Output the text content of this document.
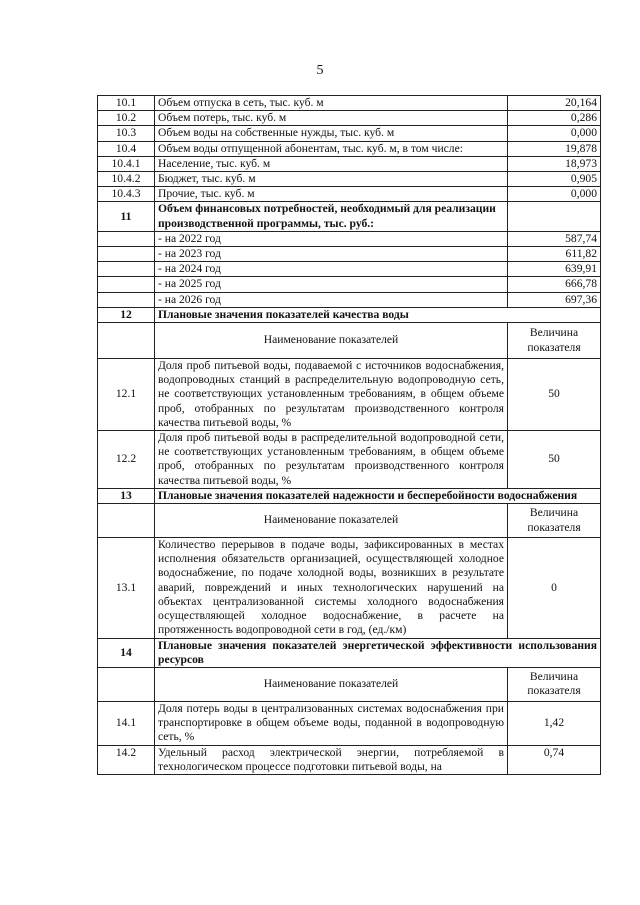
5
10.1	Объем отпуска в сеть, тыс. куб. м	20,164
10.2	Объем потерь, тыс. куб. м	0,286
10.3	Объем воды на собственные нужды, тыс. куб. м	0,000
10.4	Объем воды отпущенной абонентам, тыс. куб. м, в том числе:	19,878
10.4.1	Население, тыс. куб. м	18,973
10.4.2	Бюджет, тыс. куб. м	0,905
10.4.3	Прочие, тыс. куб. м	0,000
11	Объем финансовых потребностей, необходимый для реализации производственной программы, тыс. руб.:	
	- на 2022 год	587,74
	- на 2023 год	611,82
	- на 2024 год	639,91
	- на 2025 год	666,78
	- на 2026 год	697,36
12	Плановые значения показателей качества воды	
	Наименование показателей	Величина показателя
12.1	Доля проб питьевой воды, подаваемой с источников водоснабжения, водопроводных станций в распределительную водопроводную сеть, не соответствующих установленным требованиям, в общем объеме проб, отобранных по результатам производственного контроля качества питьевой воды, %	50
12.2	Доля проб питьевой воды в распределительной водопроводной сети, не соответствующих установленным требованиям, в общем объеме проб, отобранных по результатам производственного контроля качества питьевой воды, %	50
13	Плановые значения показателей надежности и бесперебойности водоснабжения	
	Наименование показателей	Величина показателя
13.1	Количество перерывов в подаче воды, зафиксированных в местах исполнения обязательств организацией, осуществляющей холодное водоснабжение, по подаче холодной воды, возникших в результате аварий, повреждений и иных технологических нарушений на объектах централизованной системы холодного водоснабжения осуществляющей холодное водоснабжение, в расчете на протяженность водопроводной сети в год, (ед./км)	0
14	Плановые значения показателей энергетической эффективности использования ресурсов	
	Наименование показателей	Величина показателя
14.1	Доля потерь воды в централизованных системах водоснабжения при транспортировке в общем объеме воды, поданной в водопроводную сеть, %	1,42
14.2	Удельный расход электрической энергии, потребляемой в технологическом процессе подготовки питьевой воды, на	0,74
